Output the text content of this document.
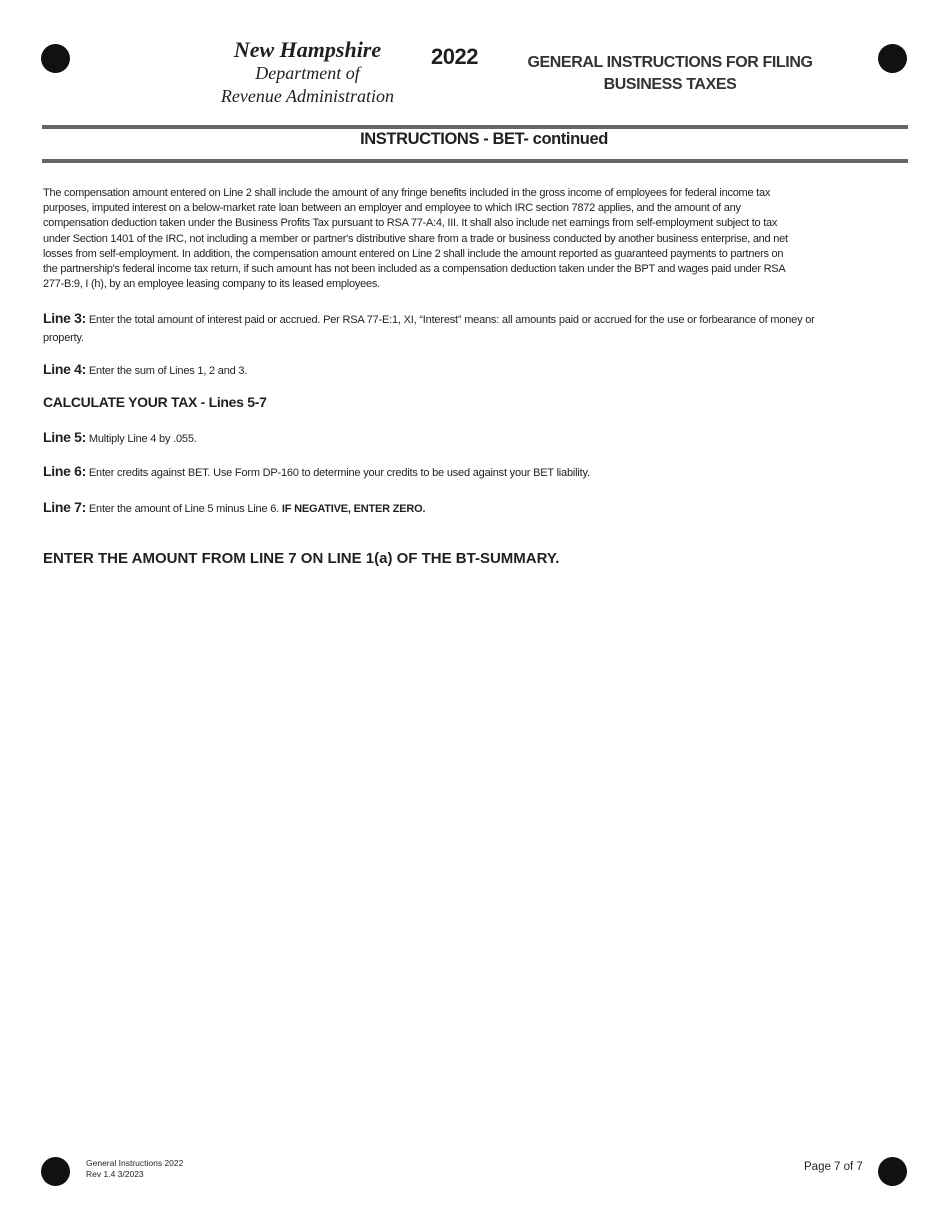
New Hampshire
Department of
Revenue Administration
2022	GENERAL INSTRUCTIONS FOR FILING
BUSINESS TAXES
INSTRUCTIONS - BET- continued
The compensation amount entered on Line 2 shall include the amount of any fringe benefits included in the gross income of employees for federal income tax
purposes, imputed interest on a below-market rate loan between an employer and employee to which IRC section 7872 applies, and the amount of any
compensation deduction taken under the Business Profits Tax pursuant to RSA 77-A:4, III. It shall also include net earnings from self-employment subject to tax
under Section 1401 of the IRC, not including a member or partner's distributive share from a trade or business conducted by another business enterprise, and net
losses from self-employment. In addition, the compensation amount entered on Line 2 shall include the amount reported as guaranteed payments to partners on
the partnership's federal income tax return, if such amount has not been included as a compensation deduction taken under the BPT and wages paid under RSA
277-B:9, I (h), by an employee leasing company to its leased employees.
Line 3: Enter the total amount of interest paid or accrued. Per RSA 77-E:1, XI, “Interest” means: all amounts paid or accrued for the use or forbearance of money or
property.
Line 4: Enter the sum of Lines 1, 2 and 3.
CALCULATE YOUR TAX - Lines 5-7
Line 5: Multiply Line 4 by .055.
Line 6: Enter credits against BET. Use Form DP-160 to determine your credits to be used against your BET liability.
Line 7: Enter the amount of Line 5 minus Line 6. IF NEGATIVE, ENTER ZERO.
ENTER THE AMOUNT FROM LINE 7 ON LINE 1(a) OF THE BT-SUMMARY.
General Instructions 2022
Rev 1.4 3/2023
Page 7 of 7
